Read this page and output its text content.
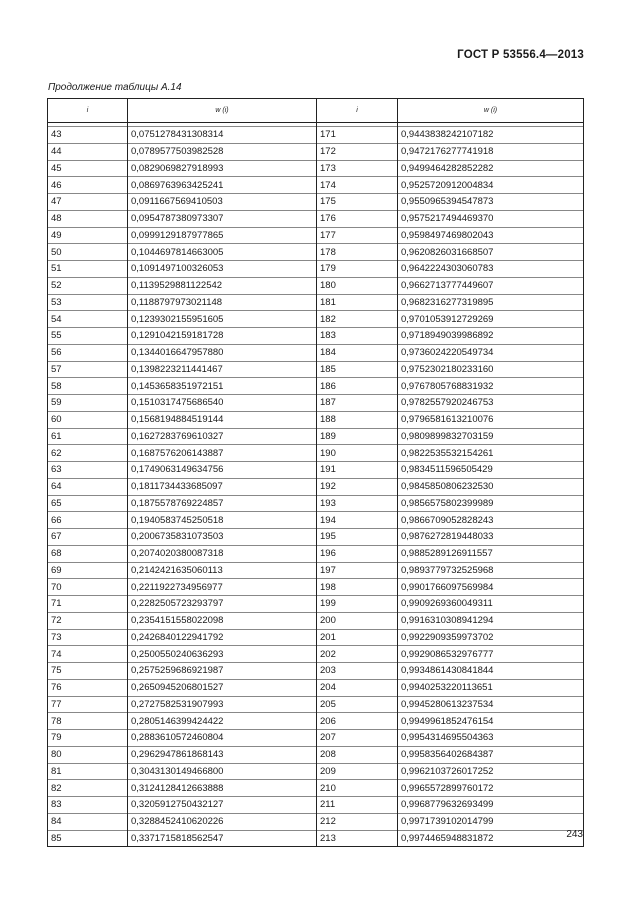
ГОСТ Р 53556.4—2013
Продолжение таблицы А.14
i	w (i)	i	w (i)

43	0,0751278431308314	171	0,9443838242107182
44	0,0789577503982528	172	0,9472176277741918
45	0,0829069827918993	173	0,9499464282852282
46	0,0869763963425241	174	0,9525720912004834
47	0,0911667569410503	175	0,9550965394547873
48	0,0954787380973307	176	0,9575217494469370
49	0,0999129187977865	177	0,9598497469802043
50	0,1044697814663005	178	0,9620826031668507
51	0,1091497100326053	179	0,9642224303060783
52	0,1139529881122542	180	0,9662713777449607
53	0,1188797973021148	181	0,9682316277319895
54	0,1239302155951605	182	0,9701053912729269
55	0,1291042159181728	183	0,9718949039986892
56	0,1344016647957880	184	0,9736024220549734
57	0,1398223211441467	185	0,9752302180233160
58	0,1453658351972151	186	0,9767805768831932
59	0,1510317475686540	187	0,9782557920246753
60	0,1568194884519144	188	0,9796581613210076
61	0,1627283769610327	189	0,9809899832703159
62	0,1687576206143887	190	0,9822535532154261
63	0,1749063149634756	191	0,9834511596505429
64	0,1811734433685097	192	0,9845850806232530
65	0,1875578769224857	193	0,9856575802399989
66	0,1940583745250518	194	0,9866709052828243
67	0,2006735831073503	195	0,9876272819448033
68	0,2074020380087318	196	0,9885289126911557
69	0,2142421635060113	197	0,9893779732525968
70	0,2211922734956977	198	0,9901766097569984
71	0,2282505723293797	199	0,9909269360049311
72	0,2354151558022098	200	0,9916310308941294
73	0,2426840122941792	201	0,9922909359973702
74	0,2500550240636293	202	0,9929086532976777
75	0,2575259686921987	203	0,9934861430841844
76	0,2650945206801527	204	0,9940253220113651
77	0,2727582531907993	205	0,9945280613237534
78	0,2805146399424422	206	0,9949961852476154
79	0,2883610572460804	207	0,9954314695504363
80	0,2962947861868143	208	0,9958356402684387
81	0,3043130149466800	209	0,9962103726017252
82	0,3124128412663888	210	0,9965572899760172
83	0,3205912750432127	211	0,9968779632693499
84	0,3288452410620226	212	0,9971739102014799
85	0,3371715818562547	213	0,9974465948831872	243
